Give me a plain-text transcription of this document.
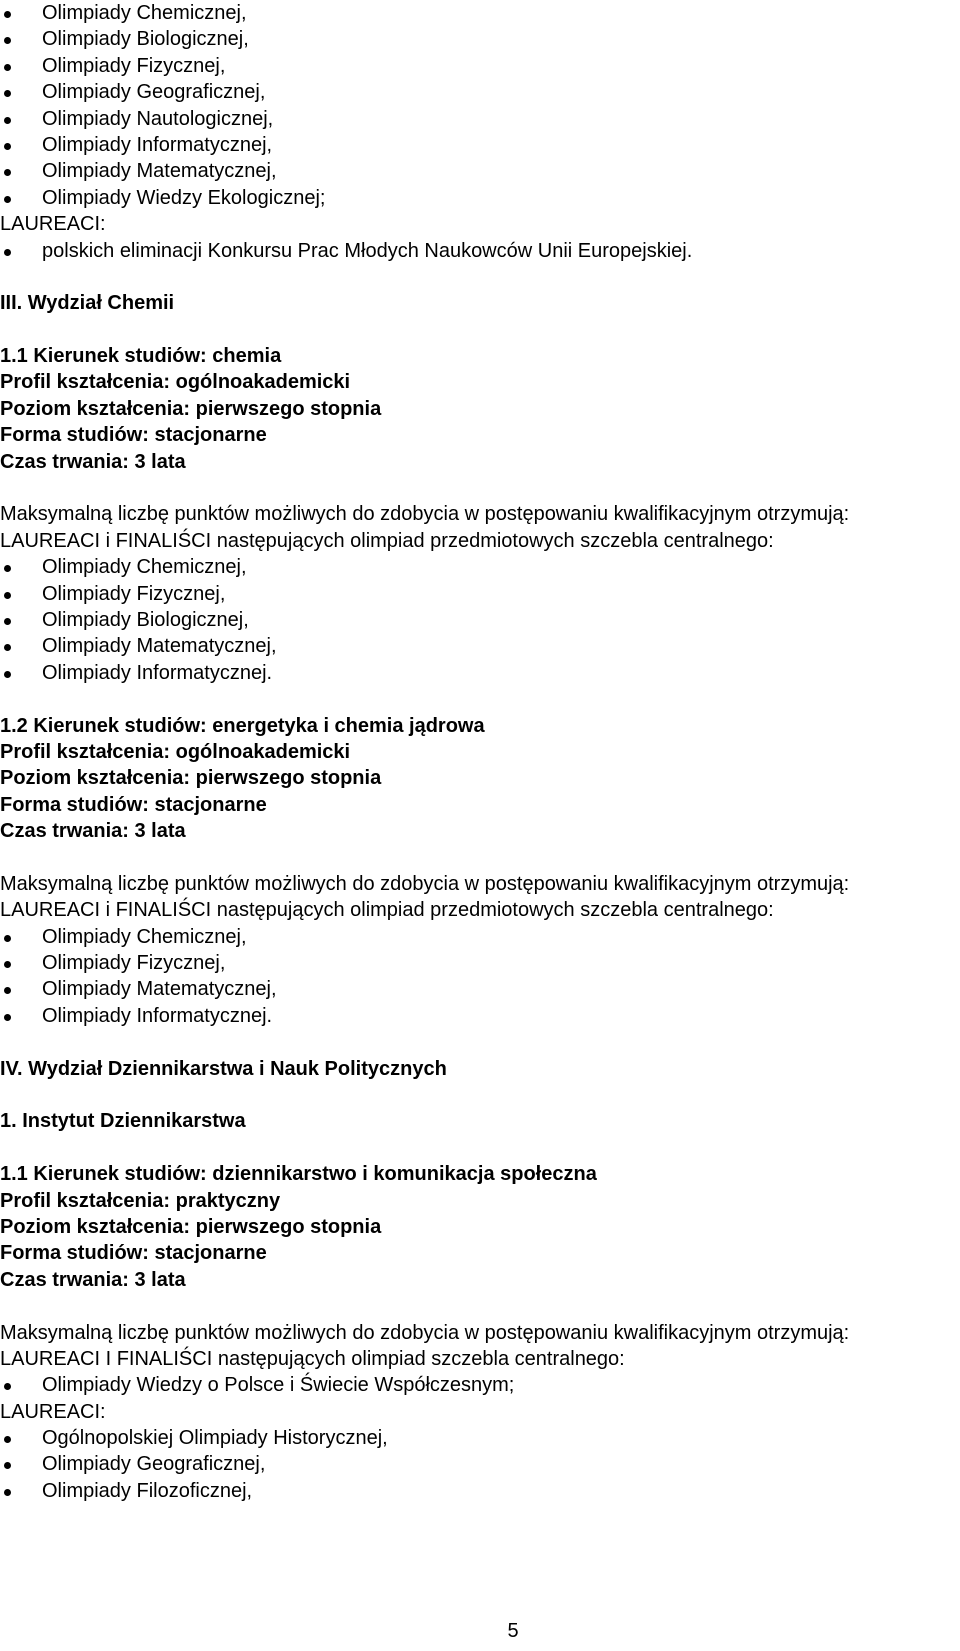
Olimpiady Chemicznej,
Olimpiady Biologicznej,
Olimpiady Fizycznej,
Olimpiady Geograficznej,
Olimpiady Nautologicznej,
Olimpiady Informatycznej,
Olimpiady Matematycznej,
Olimpiady Wiedzy Ekologicznej;
LAUREACI:
polskich eliminacji Konkursu Prac Młodych Naukowców Unii Europejskiej.
III. Wydział Chemii
1.1 Kierunek studiów: chemia
Profil kształcenia: ogólnoakademicki
Poziom kształcenia: pierwszego stopnia
Forma studiów: stacjonarne
Czas trwania: 3 lata
Maksymalną liczbę punktów możliwych do zdobycia w postępowaniu kwalifikacyjnym otrzymują:
LAUREACI i FINALIŚCI następujących olimpiad przedmiotowych szczebla centralnego:
Olimpiady Chemicznej,
Olimpiady Fizycznej,
Olimpiady Biologicznej,
Olimpiady Matematycznej,
Olimpiady Informatycznej.
1.2 Kierunek studiów: energetyka i chemia jądrowa
Profil kształcenia: ogólnoakademicki
Poziom kształcenia: pierwszego stopnia
Forma studiów: stacjonarne
Czas trwania: 3 lata
Maksymalną liczbę punktów możliwych do zdobycia w postępowaniu kwalifikacyjnym otrzymują:
LAUREACI i FINALIŚCI następujących olimpiad przedmiotowych szczebla centralnego:
Olimpiady Chemicznej,
Olimpiady Fizycznej,
Olimpiady Matematycznej,
Olimpiady Informatycznej.
IV. Wydział Dziennikarstwa i Nauk Politycznych
1. Instytut Dziennikarstwa
1.1 Kierunek studiów: dziennikarstwo i komunikacja społeczna
Profil kształcenia: praktyczny
Poziom kształcenia: pierwszego stopnia
Forma studiów: stacjonarne
Czas trwania: 3 lata
Maksymalną liczbę punktów możliwych do zdobycia w postępowaniu kwalifikacyjnym otrzymują:
LAUREACI I FINALIŚCI następujących olimpiad szczebla centralnego:
Olimpiady Wiedzy o Polsce i Świecie Współczesnym;
LAUREACI:
Ogólnopolskiej Olimpiady Historycznej,
Olimpiady Geograficznej,
Olimpiady Filozoficznej,
5
